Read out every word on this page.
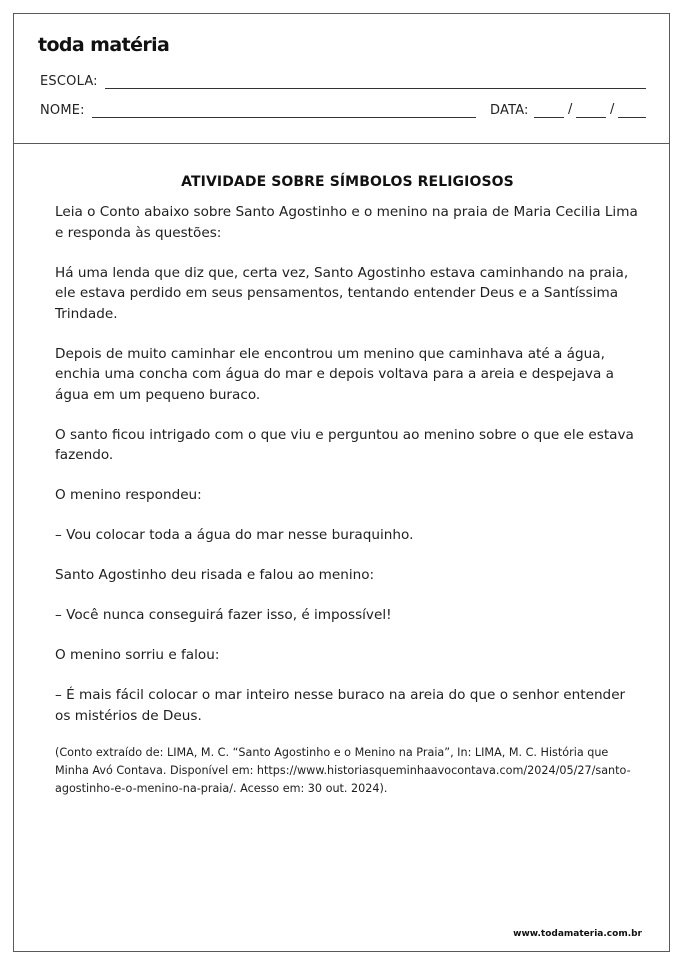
toda matéria
ESCOLA:
NOME:	DATA:	/	/
ATIVIDADE SOBRE SÍMBOLOS RELIGIOSOS

Leia o Conto abaixo sobre Santo Agostinho e o menino na praia de Maria Cecilia Lima e responda às questões:

Há uma lenda que diz que, certa vez, Santo Agostinho estava caminhando na praia, ele estava perdido em seus pensamentos, tentando entender Deus e a Santíssima Trindade.

Depois de muito caminhar ele encontrou um menino que caminhava até a água, enchia uma concha com água do mar e depois voltava para a areia e despejava a água em um pequeno buraco.

O santo ficou intrigado com o que viu e perguntou ao menino sobre o que ele estava fazendo.

O menino respondeu:

– Vou colocar toda a água do mar nesse buraquinho.

Santo Agostinho deu risada e falou ao menino:

– Você nunca conseguirá fazer isso, é impossível!

O menino sorriu e falou:

– É mais fácil colocar o mar inteiro nesse buraco na areia do que o senhor entender os mistérios de Deus.

(Conto extraído de: LIMA, M. C. “Santo Agostinho e o Menino na Praia”, In: LIMA, M. C. História que Minha Avó Contava. Disponível em: https://www.historiasqueminhaavocontava.com/2024/05/27/santo-agostinho-e-o-menino-na-praia/. Acesso em: 30 out. 2024).
www.todamateria.com.br
